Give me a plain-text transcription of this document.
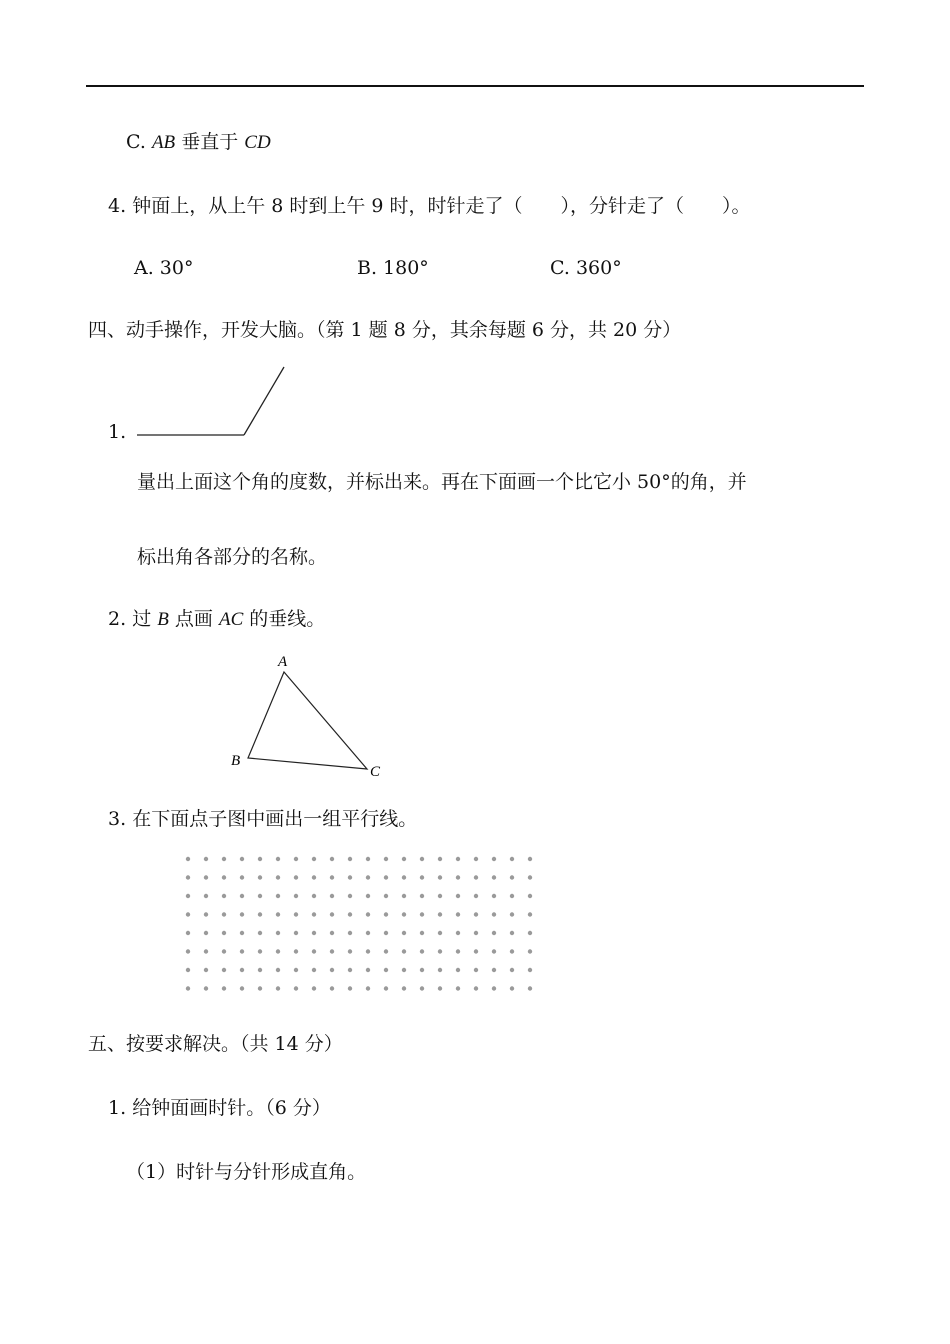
C. AB 垂直于 CD
4. 钟面上，从上午 8 时到上午 9 时，时针走了（　　），分针走了（　　）。
A. 30°	B. 180°	C. 360°
四、动手操作，开发大脑。（第 1 题 8 分，其余每题 6 分，共 20 分）
1.
量出上面这个角的度数，并标出来。再在下面画一个比它小 50°的角，并
标出角各部分的名称。
2. 过 B 点画 AC 的垂线。
A
B
C
3. 在下面点子图中画出一组平行线。
五、按要求解决。（共 14 分）
1. 给钟面画时针。（6 分）
（1）时针与分针形成直角。
